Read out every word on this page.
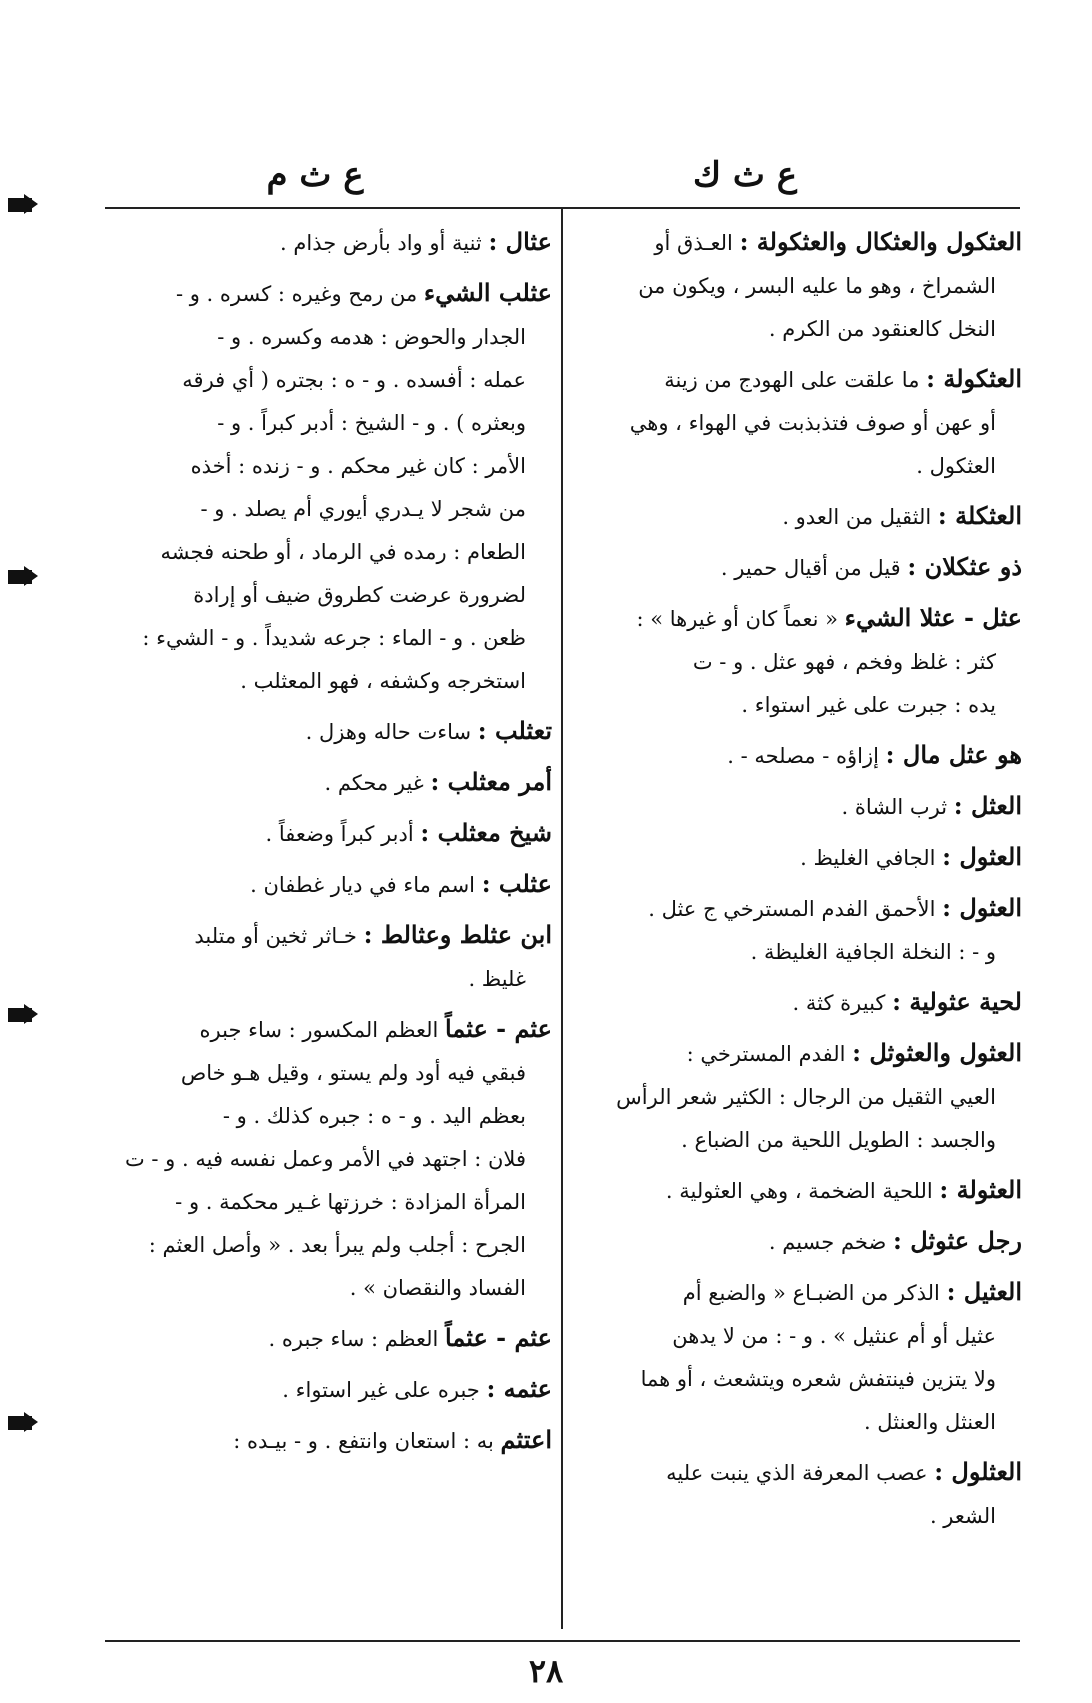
ع ث ك
ع ث م
العثكول والعثكال والعثكولة : العـذق أو
الشمراخ ، وهو ما عليه البسر ، ويكون من
النخل كالعنقود من الكرم .
العثكولة : ما علقت على الهودج من زينة
أو عهن أو صوف فتذبذبت في الهواء ، وهي
العثكول .
العثكلة : الثقيل من العدو .
ذو عثكلان : قيل من أقيال حمير .
عثل - عثلا الشيء « نعماً كان أو غيرها » :
كثر : غلظ وفخم ، فهو عثل . و - ت
يده : جبرت على غير استواء .
هو عثل مال : إزاؤه - مصلحه - .
العثل : ثرب الشاة .
العثول : الجافي الغليظ .
العثول : الأحمق الفدم المسترخي ج عثل .
و - : النخلة الجافية الغليظة .
لحية عثولية : كبيرة كثة .
العثول والعثوثل : الفدم المسترخي :
العيي الثقيل من الرجال : الكثير شعر الرأس
والجسد : الطويل اللحية من الضباع .
العثولة : اللحية الضخمة ، وهي العثولية .
رجل عثوثل : ضخم جسيم .
العثيل : الذكر من الضبـاع « والضبع أم
عثيل أو أم عنثيل » . و - : من لا يدهن
ولا يتزين فينتفش شعره ويتشعث ، أو هما
العنثل والعنثل .
العثلول : عصب المعرفة الذي ينبت عليه
الشعر .
عثال : ثنية أو واد بأرض جذام .
عثلب الشيء من رمح وغيره : كسره . و -
الجدار والحوض : هدمه وكسره . و -
عمله : أفسده . و - ه : بجتره ( أي فرقه
وبعثره ) . و - الشيخ : أدبر كبراً . و -
الأمر : كان غير محكم . و - زنده : أخذه
من شجر لا يـدري أيوري أم يصلد . و -
الطعام : رمده في الرماد ، أو طحنه فجشه
لضرورة عرضت كطروق ضيف أو إرادة
ظعن . و - الماء : جرعه شديداً . و - الشيء :
استخرجه وكشفه ، فهو المعثلب .
تعثلب : ساءت حاله وهزل .
أمر معثلب : غير محكم .
شيخ معثلب : أدبر كبراً وضعفاً .
عثلب : اسم ماء في ديار غطفان .
ابن عثلط وعثالط : خـاثر ثخين أو متلبد
غليظ .
عثم - عثماً العظم المكسور : ساء جبره
فبقي فيه أود ولم يستو ، وقيل هـو خاص
بعظم اليد . و - ه : جبره كذلك . و -
فلان : اجتهد في الأمر وعمل نفسه فيه . و - ت
المرأة المزادة : خرزتها غـير محكمة . و -
الجرح : أجلب ولم يبرأ بعد . « وأصل العثم :
الفساد والنقصان » .
عثم - عثماً العظم : ساء جبره .
عثمه : جبره على غير استواء .
اعتثم به : استعان وانتفع . و - بيـده :
٢٨
